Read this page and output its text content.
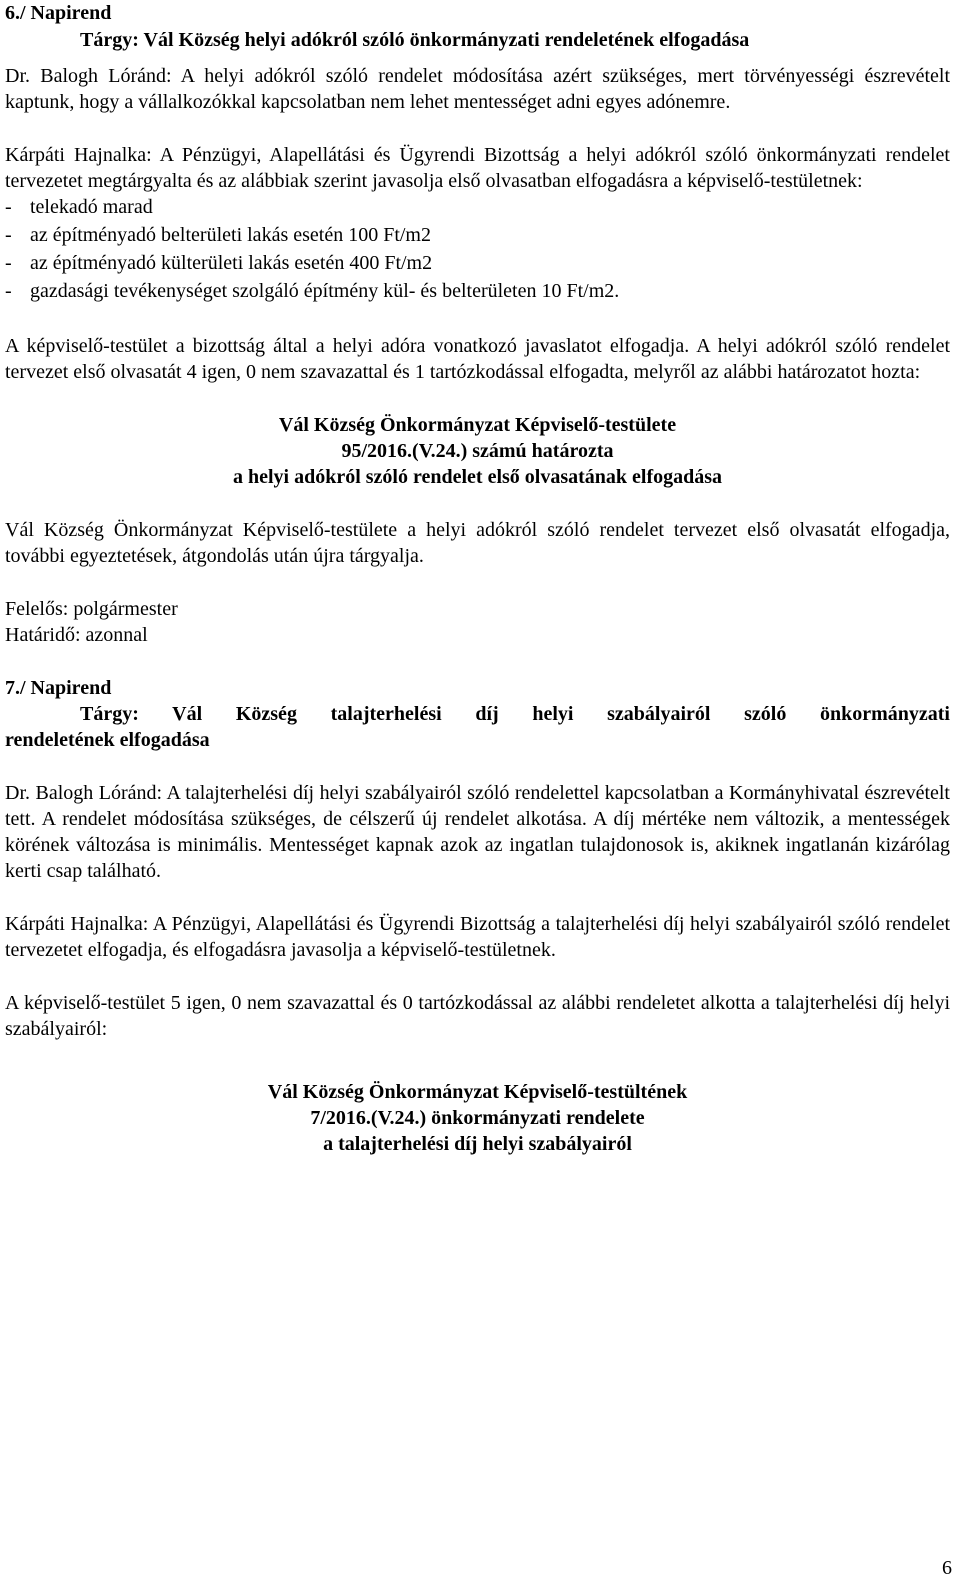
6./ Napirend

Tárgy: Vál Község helyi adókról szóló önkormányzati rendeletének elfogadása

Dr. Balogh Lóránd: A helyi adókról szóló rendelet módosítása azért szükséges, mert törvényességi észrevételt kaptunk, hogy a vállalkozókkal kapcsolatban nem lehet mentességet adni egyes adónemre.

Kárpáti Hajnalka: A Pénzügyi, Alapellátási és Ügyrendi Bizottság a helyi adókról szóló önkormányzati rendelet tervezetet megtárgyalta és az alábbiak szerint javasolja első olvasatban elfogadásra a képviselő-testületnek:

- telekadó marad
- az építményadó belterületi lakás esetén 100 Ft/m2
- az építményadó külterületi lakás esetén 400 Ft/m2
- gazdasági tevékenységet szolgáló építmény kül- és belterületen 10 Ft/m2.

A képviselő-testület a bizottság által a helyi adóra vonatkozó javaslatot elfogadja. A helyi adókról szóló rendelet tervezet első olvasatát 4 igen, 0 nem szavazattal és 1 tartózkodással elfogadta, melyről az alábbi határozatot hozta:

Vál Község Önkormányzat Képviselő-testülete

95/2016.(V.24.) számú határozta

a helyi adókról szóló rendelet első olvasatának elfogadása

Vál Község Önkormányzat Képviselő-testülete a helyi adókról szóló rendelet tervezet első olvasatát elfogadja, további egyeztetések, átgondolás után újra tárgyalja.

Felelős: polgármester

Határidő: azonnal

7./ Napirend

Tárgy: Vál Község talajterhelési díj helyi szabályairól szóló önkormányzati

rendeletének elfogadása

Dr. Balogh Lóránd: A talajterhelési díj helyi szabályairól szóló rendelettel kapcsolatban a Kormányhivatal észrevételt tett. A rendelet módosítása szükséges, de célszerű új rendelet alkotása. A díj mértéke nem változik, a mentességek körének változása is minimális. Mentességet kapnak azok az ingatlan tulajdonosok is, akiknek ingatlanán kizárólag kerti csap található.

Kárpáti Hajnalka: A Pénzügyi, Alapellátási és Ügyrendi Bizottság a talajterhelési díj helyi szabályairól szóló rendelet tervezetet elfogadja, és elfogadásra javasolja a képviselő-testületnek.

A képviselő-testület 5 igen, 0 nem szavazattal és 0 tartózkodással az alábbi rendeletet alkotta a talajterhelési díj helyi szabályairól:

Vál Község Önkormányzat Képviselő-testültének

7/2016.(V.24.) önkormányzati rendelete

a talajterhelési díj helyi szabályairól

6
